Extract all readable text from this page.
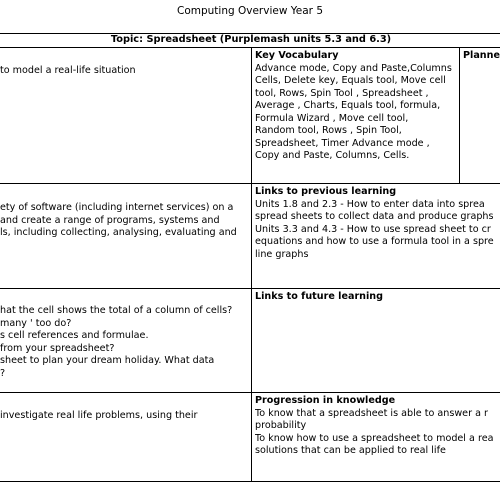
Computing Overview Year 5
Topic: Spreadsheet (Purplemash units 5.3 and 6.3)
to model a real-life situation
Key Vocabulary
Advance mode, Copy and Paste,Columns
Cells, Delete key, Equals tool, Move cell
tool, Rows, Spin Tool , Spreadsheet ,
Average , Charts, Equals tool, formula,
Formula Wizard , Move cell tool,
Random tool, Rows , Spin Tool,
Spreadsheet, Timer Advance mode ,
Copy and Paste, Columns, Cells.
Planne
ety of software (including internet services) on a
and create a range of programs, systems and
ls, including collecting, analysing, evaluating and
Links to previous learning
Units 1.8 and 2.3 - How to enter data into sprea
spread sheets to collect data and produce graphs
Units 3.3 and 4.3 - How to use spread sheet to cr
equations and how to use a formula tool in a spre
line graphs
hat the cell shows the total of a column of cells?
many ' too do?
s cell references and formulae.
from your spreadsheet?
sheet to plan your dream holiday. What data
?
Links to future learning
investigate real life problems, using their
Progression in knowledge
To know that a spreadsheet is able to answer a r
probability
To know how to use a spreadsheet to model a rea
solutions that can be applied to real life
